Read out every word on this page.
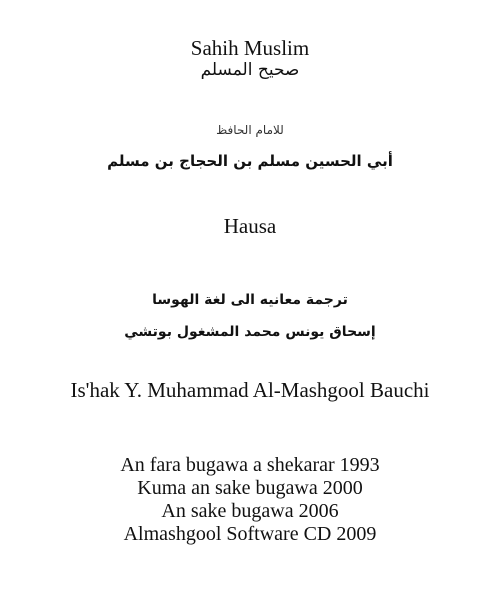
Sahih Muslim
صحيح المسلم
للامام الحافظ
أبي الحسين مسلم بن الحجاج بن مسلم
Hausa
ترجمة معانيه الى لغة الهوسا
إسحاق يونس محمد المشغول بوتشي
Is'hak Y. Muhammad Al-Mashgool Bauchi
An fara bugawa a shekarar 1993
Kuma an sake bugawa 2000
An sake bugawa 2006
Almashgool Software CD 2009
